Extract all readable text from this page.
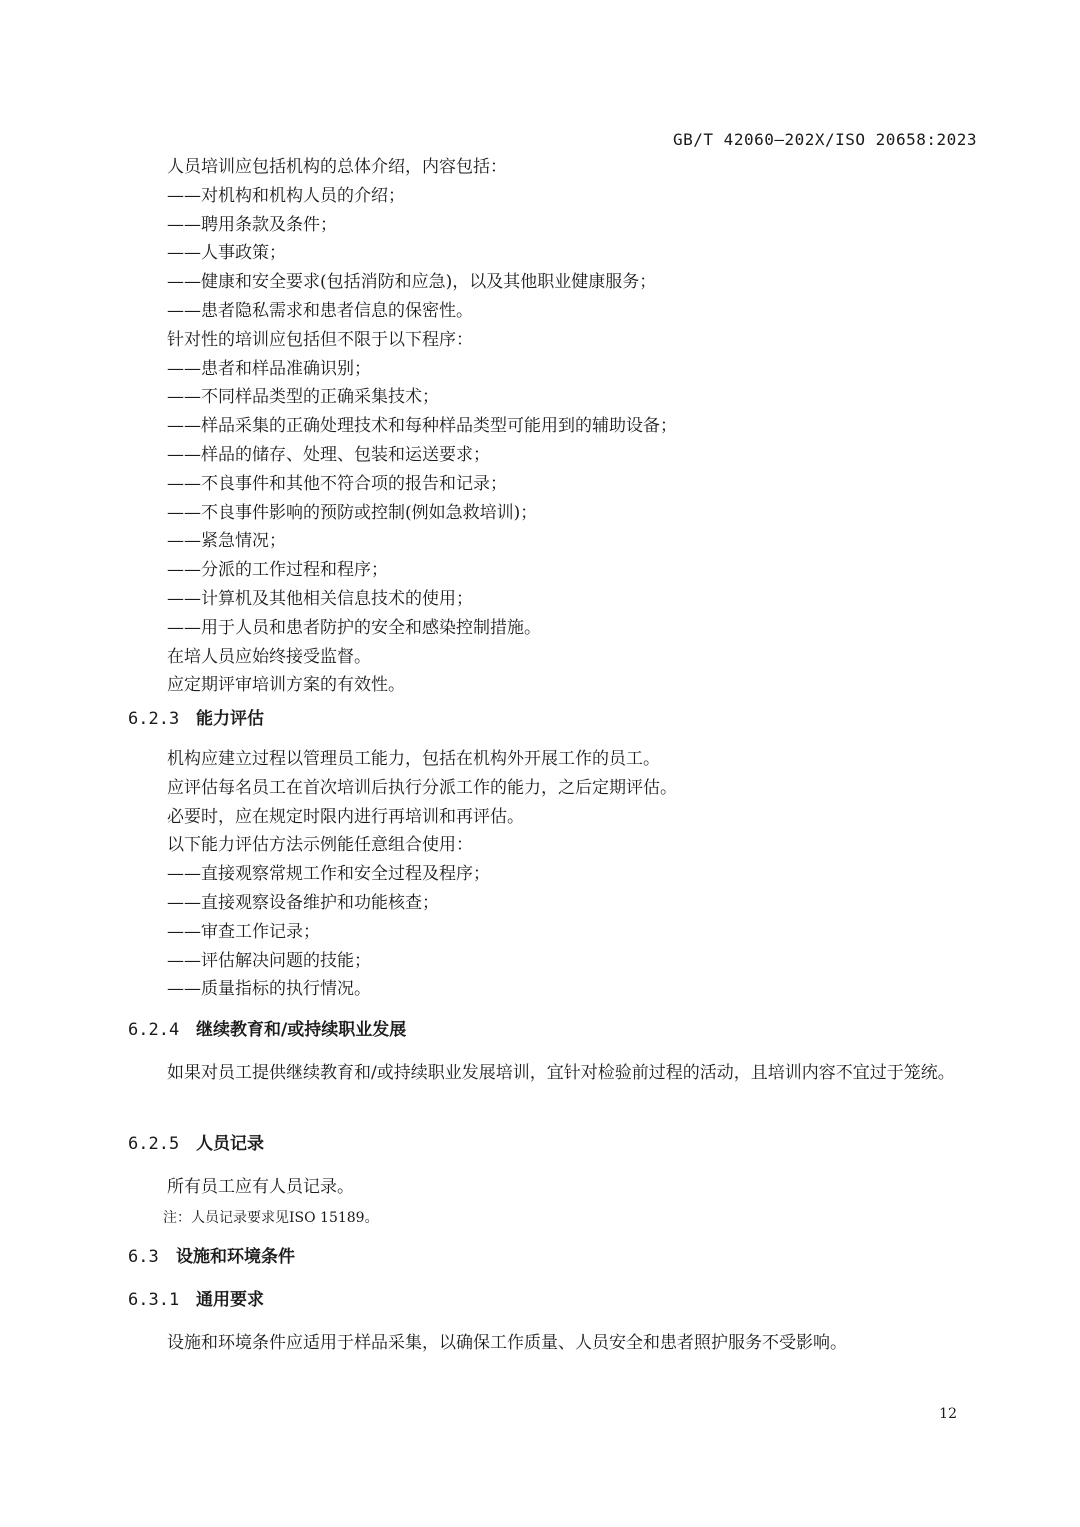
GB/T 42060—202X/ISO 20658:2023
人员培训应包括机构的总体介绍，内容包括：
——对机构和机构人员的介绍；
——聘用条款及条件；
——人事政策；
——健康和安全要求(包括消防和应急)，以及其他职业健康服务；
——患者隐私需求和患者信息的保密性。
针对性的培训应包括但不限于以下程序：
——患者和样品准确识别；
——不同样品类型的正确采集技术；
——样品采集的正确处理技术和每种样品类型可能用到的辅助设备；
——样品的储存、处理、包装和运送要求；
——不良事件和其他不符合项的报告和记录；
——不良事件影响的预防或控制(例如急救培训)；
——紧急情况；
——分派的工作过程和程序；
——计算机及其他相关信息技术的使用；
——用于人员和患者防护的安全和感染控制措施。
在培人员应始终接受监督。
应定期评审培训方案的有效性。
6.2.3 能力评估
机构应建立过程以管理员工能力，包括在机构外开展工作的员工。
应评估每名员工在首次培训后执行分派工作的能力，之后定期评估。
必要时，应在规定时限内进行再培训和再评估。
以下能力评估方法示例能任意组合使用：
——直接观察常规工作和安全过程及程序；
——直接观察设备维护和功能核查；
——审查工作记录；
——评估解决问题的技能；
——质量指标的执行情况。
6.2.4 继续教育和/或持续职业发展
如果对员工提供继续教育和/或持续职业发展培训，宜针对检验前过程的活动，且培训内容不宜过于笼统。
6.2.5 人员记录
所有员工应有人员记录。
注：人员记录要求见ISO 15189。
6.3 设施和环境条件
6.3.1 通用要求
设施和环境条件应适用于样品采集，以确保工作质量、人员安全和患者照护服务不受影响。
12
